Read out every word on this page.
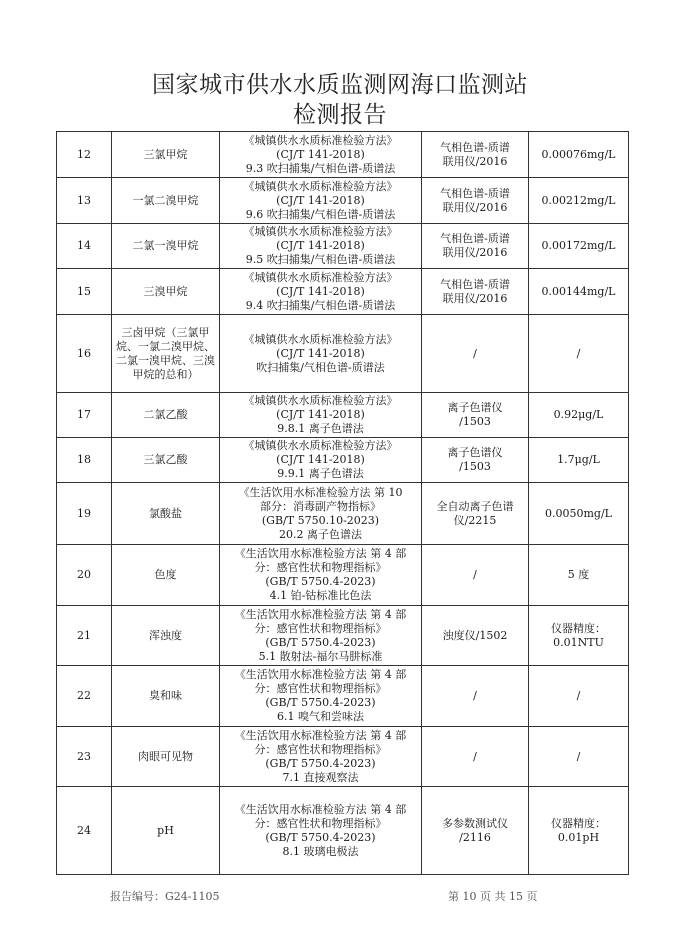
国家城市供水水质监测网海口监测站
检测报告
12	三氯甲烷	《城镇供水水质标准检验方法》
(CJ/T 141-2018)
9.3 吹扫捕集/气相色谱-质谱法	气相色谱-质谱
联用仪/2016	0.00076mg/L

13	一氯二溴甲烷	《城镇供水水质标准检验方法》
(CJ/T 141-2018)
9.6 吹扫捕集/气相色谱-质谱法	气相色谱-质谱
联用仪/2016	0.00212mg/L

14	二氯一溴甲烷	《城镇供水水质标准检验方法》
(CJ/T 141-2018)
9.5 吹扫捕集/气相色谱-质谱法	气相色谱-质谱
联用仪/2016	0.00172mg/L

15	三溴甲烷	《城镇供水水质标准检验方法》
(CJ/T 141-2018)
9.4 吹扫捕集/气相色谱-质谱法	气相色谱-质谱
联用仪/2016	0.00144mg/L

16	三卤甲烷（三氯甲烷、一氯二溴甲烷、二氯一溴甲烷、三溴甲烷的总和）	《城镇供水水质标准检验方法》
(CJ/T 141-2018)
吹扫捕集/气相色谱-质谱法	/	/

17	二氯乙酸	《城镇供水水质标准检验方法》
(CJ/T 141-2018)
9.8.1 离子色谱法	离子色谱仪
/1503	0.92μg/L

18	三氯乙酸	《城镇供水水质标准检验方法》
(CJ/T 141-2018)
9.9.1 离子色谱法	离子色谱仪
/1503	1.7μg/L

19	氯酸盐	《生活饮用水标准检验方法 第 10
部分：消毒副产物指标》
(GB/T 5750.10-2023)
20.2 离子色谱法	全自动离子色谱
仪/2215	0.0050mg/L

20	色度	《生活饮用水标准检验方法 第 4 部
分：感官性状和物理指标》
(GB/T 5750.4-2023)
4.1 铂-钴标准比色法	/	5 度

21	浑浊度	《生活饮用水标准检验方法 第 4 部
分：感官性状和物理指标》
(GB/T 5750.4-2023)
5.1 散射法-福尔马肼标准	浊度仪/1502	仪器精度：0.01NTU

22	臭和味	《生活饮用水标准检验方法 第 4 部
分：感官性状和物理指标》
(GB/T 5750.4-2023)
6.1 嗅气和尝味法	/	/

23	肉眼可见物	《生活饮用水标准检验方法 第 4 部
分：感官性状和物理指标》
(GB/T 5750.4-2023)
7.1 直接观察法	/	/

24	pH	《生活饮用水标准检验方法 第 4 部
分：感官性状和物理指标》
(GB/T 5750.4-2023)
8.1 玻璃电极法	多参数测试仪
/2116	仪器精度：0.01pH
报告编号：G24-1105	第 10 页 共 15 页
